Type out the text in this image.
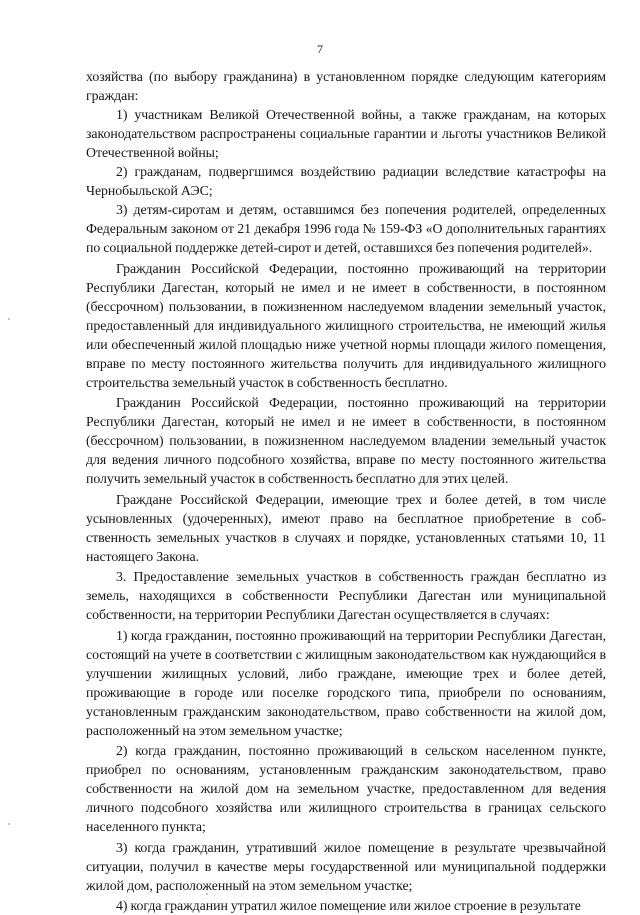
7

хозяйства (по выбору гражданина) в установленном порядке следующим категориям граждан:

1) участникам Великой Отечественной войны, а также гражданам, на которых законодательством распространены социальные гарантии и льготы участников Великой Отечественной войны;

2) гражданам, подвергшимся воздействию радиации вследствие катастрофы на Чернобыльской АЭС;

3) детям-сиротам и детям, оставшимся без попечения родителей, определенных Федеральным законом от 21 декабря 1996 года № 159-ФЗ «О дополнительных гарантиях по социальной поддержке детей-сирот и детей, оставшихся без попечения родителей».

Гражданин Российской Федерации, постоянно проживающий на территории Республики Дагестан, который не имел и не имеет в собственности, в постоянном (бессрочном) пользовании, в пожизненном наследуемом владении земельный участок, предоставленный для индивидуального жилищного строительства, не имеющий жилья или обеспеченный жилой площадью ниже учетной нормы площади жилого помещения, вправе по месту постоянного жительства получить для индивидуального жилищного строительства земельный участок в собственность бесплатно.

Гражданин Российской Федерации, постоянно проживающий на территории Республики Дагестан, который не имел и не имеет в собственности, в постоянном (бессрочном) пользовании, в пожизненном наследуемом владении земельный участок для ведения личного подсобного хозяйства, вправе по месту постоянного жительства получить земельный участок в собственность бесплатно для этих целей.

Граждане Российской Федерации, имеющие трех и более детей, в том числе усыновленных (удочеренных), имеют право на бесплатное приобретение в собственность земельных участков в случаях и порядке, установленных статьями 10, 11 настоящего Закона.

3. Предоставление земельных участков в собственность граждан бесплатно из земель, находящихся в собственности Республики Дагестан или муниципальной собственности, на территории Республики Дагестан осуществляется в случаях:

1) когда гражданин, постоянно проживающий на территории Республики Дагестан, состоящий на учете в соответствии с жилищным законодательством как нуждающийся в улучшении жилищных условий, либо граждане, имеющие трех и более детей, проживающие в городе или поселке городского типа, приобрели по основаниям, установленным гражданским законодательством, право собственности на жилой дом, расположенный на этом земельном участке;

2) когда гражданин, постоянно проживающий в сельском населенном пункте, приобрел по основаниям, установленным гражданским законодательством, право собственности на жилой дом на земельном участке, предоставленном для ведения личного подсобного хозяйства или жилищного строительства в границах сельского населенного пункта;

3) когда гражданин, утративший жилое помещение в результате чрезвычайной ситуации, получил в качестве меры государственной или муниципальной поддержки жилой дом, расположенный на этом земельном участке;

4) когда гражданин утратил жилое помещение или жилое строение в результате
